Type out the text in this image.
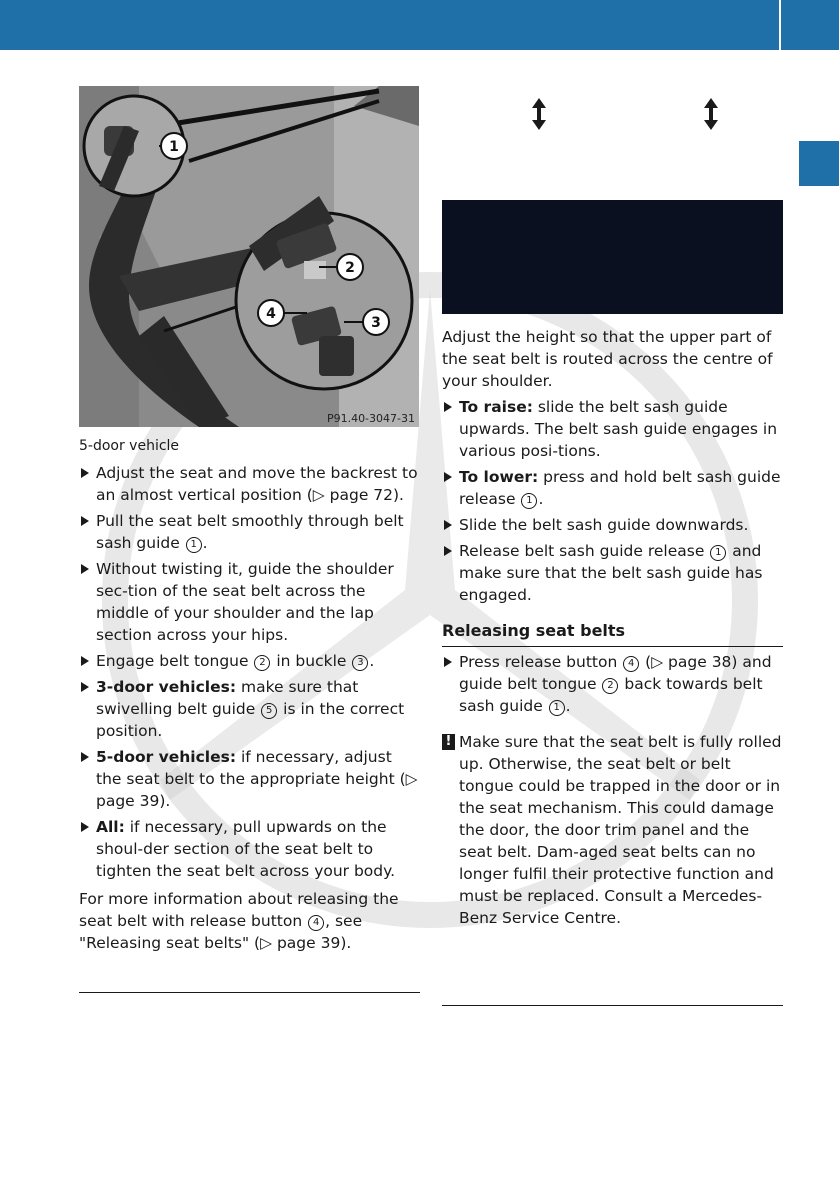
1
2
3
4
P91.40-3047-31

5-door vehicle

Adjust the seat and move the backrest to an almost vertical position (▷ page 72).
Pull the seat belt smoothly through belt sash guide 1 .
Without twisting it, guide the shoulder sec-tion of the seat belt across the middle of your shoulder and the lap section across your hips.
Engage belt tongue 2 in buckle 3 .
3-door vehicles: make sure that swivelling belt guide 5 is in the correct position.
5-door vehicles: if necessary, adjust the seat belt to the appropriate height (▷ page 39).
All: if necessary, pull upwards on the shoul-der section of the seat belt to tighten the seat belt across your body.

For more information about releasing the seat belt with release button 4 , see "Releasing seat belts" (▷ page 39).

Adjust the height so that the upper part of the seat belt is routed across the centre of your shoulder.

To raise: slide the belt sash guide upwards. The belt sash guide engages in various posi-tions.
To lower: press and hold belt sash guide release 1 .
Slide the belt sash guide downwards.
Release belt sash guide release 1 and make sure that the belt sash guide has engaged.
Releasing seat belts
Press release button 4 (▷ page 38) and guide belt tongue 2 back towards belt sash guide 1 .
! Make sure that the seat belt is fully rolled up. Otherwise, the seat belt or belt tongue could be trapped in the door or in the seat mechanism. This could damage the door, the door trim panel and the seat belt. Dam-aged seat belts can no longer fulfil their protective function and must be replaced. Consult a Mercedes-Benz Service Centre.
